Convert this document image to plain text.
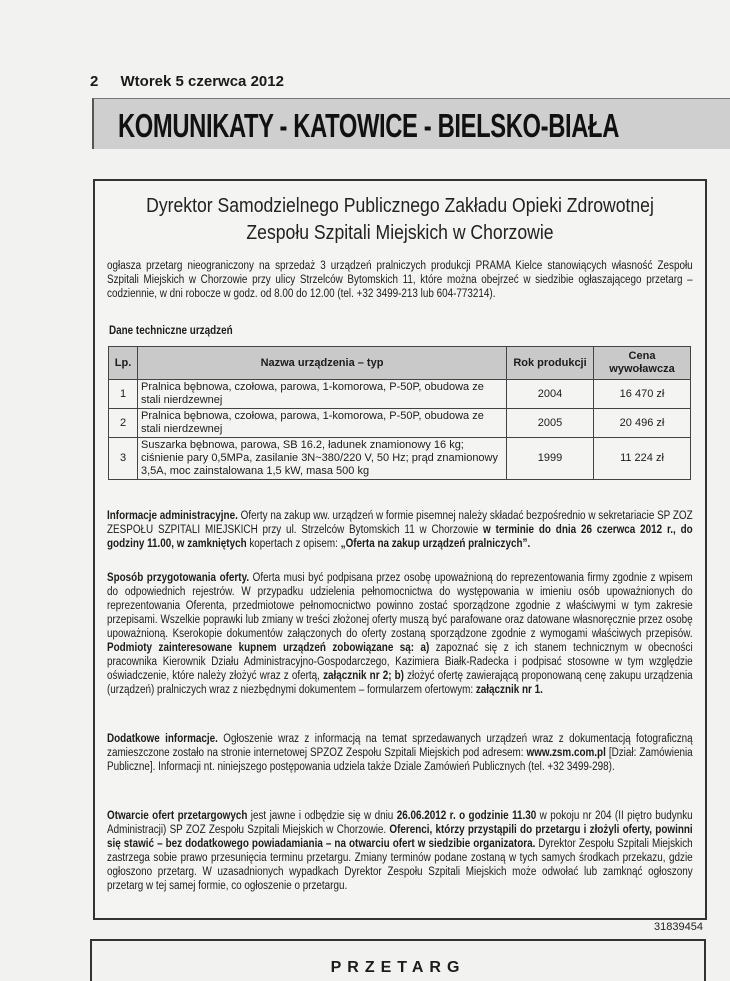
2 Wtorek 5 czerwca 2012
KOMUNIKATY - KATOWICE - BIELSKO-BIAŁA
Dyrektor Samodzielnego Publicznego Zakładu Opieki Zdrowotnej
Zespołu Szpitali Miejskich w Chorzowie
ogłasza przetarg nieograniczony na sprzedaż 3 urządzeń pralniczych produkcji PRAMA Kielce stanowiących własność Zespołu Szpitali Miejskich w Chorzowie przy ulicy Strzelców Bytomskich 11, które można obejrzeć w siedzibie ogłaszającego przetarg – codziennie, w dni robocze w godz. od 8.00 do 12.00 (tel. +32 3499-213 lub 604-773214).
Dane techniczne urządzeń
Lp.	Nazwa urządzenia – typ	Rok produkcji	Cena wywoławcza
1	Pralnica bębnowa, czołowa, parowa, 1-komorowa, P-50P, obudowa ze stali nierdzewnej	2004	16 470 zł
2	Pralnica bębnowa, czołowa, parowa, 1-komorowa, P-50P, obudowa ze stali nierdzewnej	2005	20 496 zł
3	Suszarka bębnowa, parowa, SB 16.2, ładunek znamionowy 16 kg; ciśnienie pary 0,5MPa, zasilanie 3N~380/220 V, 50 Hz; prąd znamionowy 3,5A, moc zainstalowana 1,5 kW, masa 500 kg	1999	11 224 zł
Informacje administracyjne. Oferty na zakup ww. urządzeń w formie pisemnej należy składać bezpośrednio w sekretariacie SP ZOZ ZESPOŁU SZPITALI MIEJSKICH przy ul. Strzelców Bytomskich 11 w Chorzowie w terminie do dnia 26 czerwca 2012 r., do godziny 11.00, w zamkniętych kopertach z opisem: „Oferta na zakup urządzeń pralniczych”.
Sposób przygotowania oferty. Oferta musi być podpisana przez osobę upoważnioną do reprezentowania firmy zgodnie z wpisem do odpowiednich rejestrów. W przypadku udzielenia pełnomocnictwa do występowania w imieniu osób upoważnionych do reprezentowania Oferenta, przedmiotowe pełnomocnictwo powinno zostać sporządzone zgodnie z właściwymi w tym zakresie przepisami. Wszelkie poprawki lub zmiany w treści złożonej oferty muszą być parafowane oraz datowane własnoręcznie przez osobę upoważnioną. Kserokopie dokumentów załączonych do oferty zostaną sporządzone zgodnie z wymogami właściwych przepisów. Podmioty zainteresowane kupnem urządzeń zobowiązane są: a) zapoznać się z ich stanem technicznym w obecności pracownika Kierownik Działu Administracyjno-Gospodarczego, Kazimiera Białk-Radecka i podpisać stosowne w tym względzie oświadczenie, które należy złożyć wraz z ofertą, załącznik nr 2; b) złożyć ofertę zawierającą proponowaną cenę zakupu urządzenia (urządzeń) pralniczych wraz z niezbędnymi dokumentem – formularzem ofertowym: załącznik nr 1.
Dodatkowe informacje. Ogłoszenie wraz z informacją na temat sprzedawanych urządzeń wraz z dokumentacją fotograficzną zamieszczone zostało na stronie internetowej SPZOZ Zespołu Szpitali Miejskich pod adresem: www.zsm.com.pl [Dział: Zamówienia Publiczne]. Informacji nt. niniejszego postępowania udziela także Dziale Zamówień Publicznych (tel. +32 3499-298).
Otwarcie ofert przetargowych jest jawne i odbędzie się w dniu 26.06.2012 r. o godzinie 11.30 w pokoju nr 204 (II piętro budynku Administracji) SP ZOZ Zespołu Szpitali Miejskich w Chorzowie. Oferenci, którzy przystąpili do przetargu i złożyli oferty, powinni się stawić – bez dodatkowego powiadamiania – na otwarciu ofert w siedzibie organizatora. Dyrektor Zespołu Szpitali Miejskich zastrzega sobie prawo przesunięcia terminu przetargu. Zmiany terminów podane zostaną w tych samych środkach przekazu, gdzie ogłoszono przetarg. W uzasadnionych wypadkach Dyrektor Zespołu Szpitali Miejskich może odwołać lub zamknąć ogłoszony przetarg w tej samej formie, co ogłoszenie o przetargu.
31839454
PRZETARG
